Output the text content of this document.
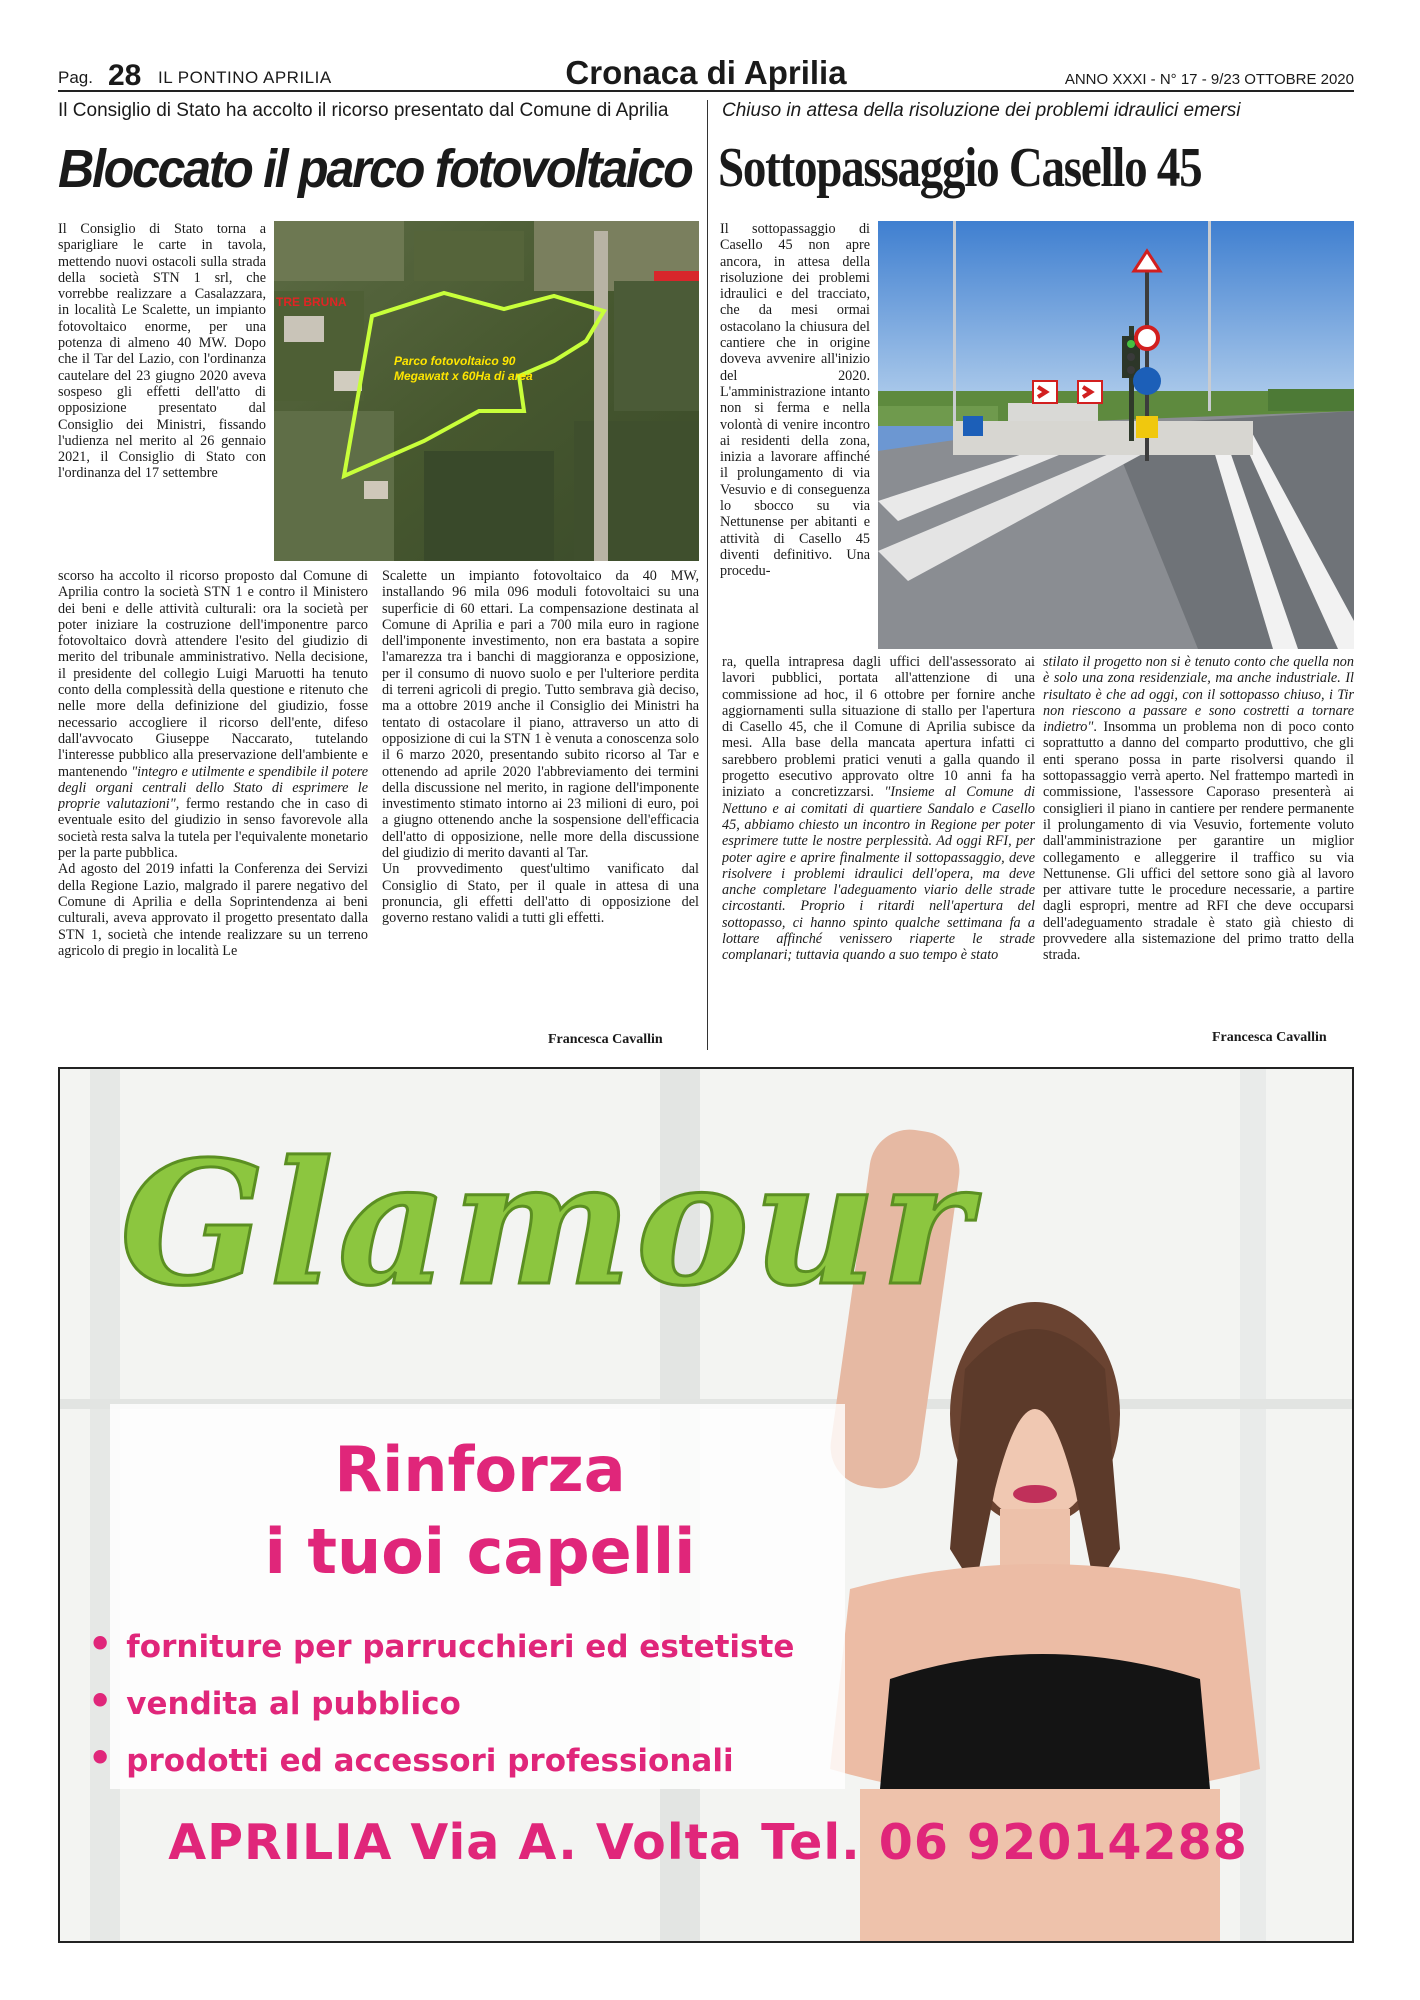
Pag. 28 IL PONTINO APRILIA	Cronaca di Aprilia	ANNO XXXI - N° 17 - 9/23 OTTOBRE 2020
Il Consiglio di Stato ha accolto il ricorso presentato dal Comune di Aprilia
Bloccato il parco fotovoltaico

Il Consiglio di Stato torna a sparigliare le carte in tavola, mettendo nuovi ostacoli sulla strada della società STN 1 srl, che vorrebbe realizzare a Casalazzara, in località Le Scalette, un impianto fotovoltaico enorme, per una potenza di almeno 40 MW. Dopo che il Tar del Lazio, con l'ordinanza cautelare del 23 giugno 2020 aveva sospeso gli effetti dell'atto di opposizione presentato dal Consiglio dei Ministri, fissando l'udienza nel merito al 26 gennaio 2021, il Consiglio di Stato con l'ordinanza del 17 settembre

TRE BRUNA
Parco fotovoltaico 90
Megawatt x 60Ha di area

scorso ha accolto il ricorso proposto dal Comune di Aprilia contro la società STN 1 e contro il Ministero dei beni e delle attività culturali: ora la società per poter iniziare la costruzione dell'imponentre parco fotovoltaico dovrà attendere l'esito del giudizio di merito del tribunale amministrativo. Nella decisione, il presidente del collegio Luigi Maruotti ha tenuto conto della complessità della questione e ritenuto che nelle more della definizione del giudizio, fosse necessario accogliere il ricorso dell'ente, difeso dall'avvocato Giuseppe Naccarato, tutelando l'interesse pubblico alla preservazione dell'ambiente e mantenendo "integro e utilmente e spendibile il potere degli organi centrali dello Stato di esprimere le proprie valutazioni", fermo restando che in caso di eventuale esito del giudizio in senso favorevole alla società resta salva la tutela per l'equivalente monetario per la parte pubblica.

Ad agosto del 2019 infatti la Conferenza dei Servizi della Regione Lazio, malgrado il parere negativo del Comune di Aprilia e della Soprintendenza ai beni culturali, aveva approvato il progetto presentato dalla STN 1, società che intende realizzare su un terreno agricolo di pregio in località Le

Scalette un impianto fotovoltaico da 40 MW, installando 96 mila 096 moduli fotovoltaici su una superficie di 60 ettari. La compensazione destinata al Comune di Aprilia e pari a 700 mila euro in ragione dell'imponente investimento, non era bastata a sopire l'amarezza tra i banchi di maggioranza e opposizione, per il consumo di nuovo suolo e per l'ulteriore perdita di terreni agricoli di pregio. Tutto sembrava già deciso, ma a ottobre 2019 anche il Consiglio dei Ministri ha tentato di ostacolare il piano, attraverso un atto di opposizione di cui la STN 1 è venuta a conoscenza solo il 6 marzo 2020, presentando subito ricorso al Tar e ottenendo ad aprile 2020 l'abbreviamento dei termini della discussione nel merito, in ragione dell'imponente investimento stimato intorno ai 23 milioni di euro, poi a giugno ottenendo anche la sospensione dell'efficacia dell'atto di opposizione, nelle more della discussione del giudizio di merito davanti al Tar.

Un provvedimento quest'ultimo vanificato dal Consiglio di Stato, per il quale in attesa di una pronuncia, gli effetti dell'atto di opposizione del governo restano validi a tutti gli effetti.

Francesca Cavallin
Chiuso in attesa della risoluzione dei problemi idraulici emersi
Sottopassaggio Casello 45

Il sottopassaggio di Casello 45 non apre ancora, in attesa della risoluzione dei problemi idraulici e del tracciato, che da mesi ormai ostacolano la chiusura del cantiere che in origine doveva avvenire all'inizio del 2020. L'amministrazione intanto non si ferma e nella volontà di venire incontro ai residenti della zona, inizia a lavorare affinché il prolungamento di via Vesuvio e di conseguenza lo sbocco su via Nettunense per abitanti e attività di Casello 45 diventi definitivo. Una procedu-

ra, quella intrapresa dagli uffici dell'assessorato ai lavori pubblici, portata all'attenzione di una commissione ad hoc, il 6 ottobre per fornire anche aggiornamenti sulla situazione di stallo per l'apertura di Casello 45, che il Comune di Aprilia subisce da mesi. Alla base della mancata apertura infatti ci sarebbero problemi pratici venuti a galla quando il progetto esecutivo approvato oltre 10 anni fa ha iniziato a concretizzarsi. "Insieme al Comune di Nettuno e ai comitati di quartiere Sandalo e Casello 45, abbiamo chiesto un incontro in Regione per poter esprimere tutte le nostre perplessità. Ad oggi RFI, per poter agire e aprire finalmente il sottopassaggio, deve risolvere i problemi idraulici dell'opera, ma deve anche completare l'adeguamento viario delle strade circostanti. Proprio i ritardi nell'apertura del sottopasso, ci hanno spinto qualche settimana fa a lottare affinché venissero riaperte le strade complanari; tuttavia quando a suo tempo è stato

stilato il progetto non si è tenuto conto che quella non è solo una zona residenziale, ma anche industriale. Il risultato è che ad oggi, con il sottopasso chiuso, i Tir non riescono a passare e sono costretti a tornare indietro". Insomma un problema non di poco conto soprattutto a danno del comparto produttivo, che gli enti sperano possa in parte risolversi quando il sottopassaggio verrà aperto. Nel frattempo martedì in commissione, l'assessore Caporaso presenterà ai consiglieri il piano in cantiere per rendere permanente il prolungamento di via Vesuvio, fortemente voluto dall'amministrazione per garantire un miglior collegamento e alleggerire il traffico su via Nettunense. Gli uffici del settore sono già al lavoro per attivare tutte le procedure necessarie, a partire dagli espropri, mentre ad RFI che deve occuparsi dell'adeguamento stradale è stato già chiesto di provvedere alla sistemazione del primo tratto della strada.

Francesca Cavallin
Glamour
Rinforza
i tuoi capelli
• forniture per parrucchieri ed estetiste
• vendita al pubblico
• prodotti ed accessori professionali
APRILIA Via A. Volta Tel. 06 92014288
